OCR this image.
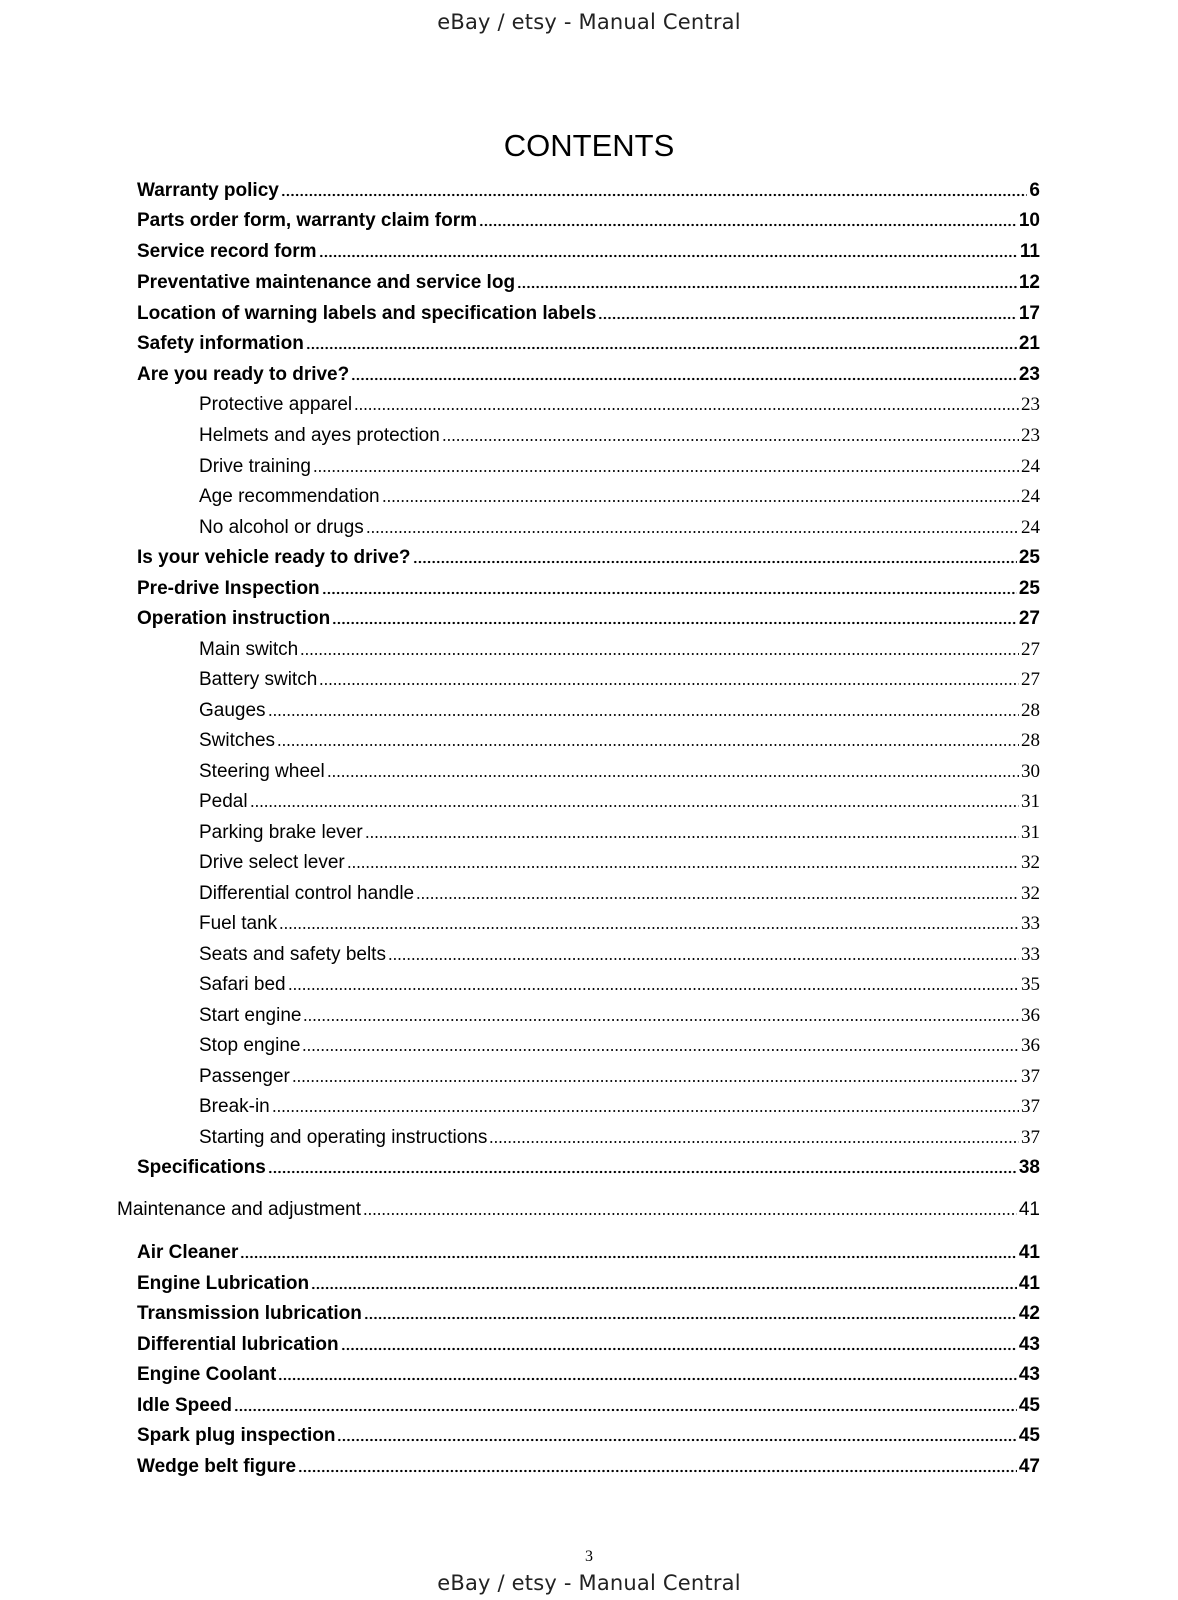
eBay / etsy - Manual Central
CONTENTS
Warranty policy	6
Parts order form, warranty claim form	10
Service record form	11
Preventative maintenance and service log	12
Location of warning labels and specification labels	17
Safety information	21
Are you ready to drive?	23
Protective apparel	23
Helmets and ayes protection	23
Drive training	24
Age recommendation	24
No alcohol or drugs	24
Is your vehicle ready to drive?	25
Pre-drive Inspection	25
Operation instruction	27
Main switch	27
Battery switch	27
Gauges	28
Switches	28
Steering wheel	30
Pedal	31
Parking brake lever	31
Drive select lever	32
Differential control handle	32
Fuel tank	33
Seats and safety belts	33
Safari bed	35
Start engine	36
Stop engine	36
Passenger	37
Break-in	37
Starting and operating instructions	37
Specifications	38
Maintenance and adjustment	41
Air Cleaner	41
Engine Lubrication	41
Transmission lubrication	42
Differential lubrication	43
Engine Coolant	43
Idle Speed	45
Spark plug inspection	45
Wedge belt figure	47
3
eBay / etsy - Manual Central
